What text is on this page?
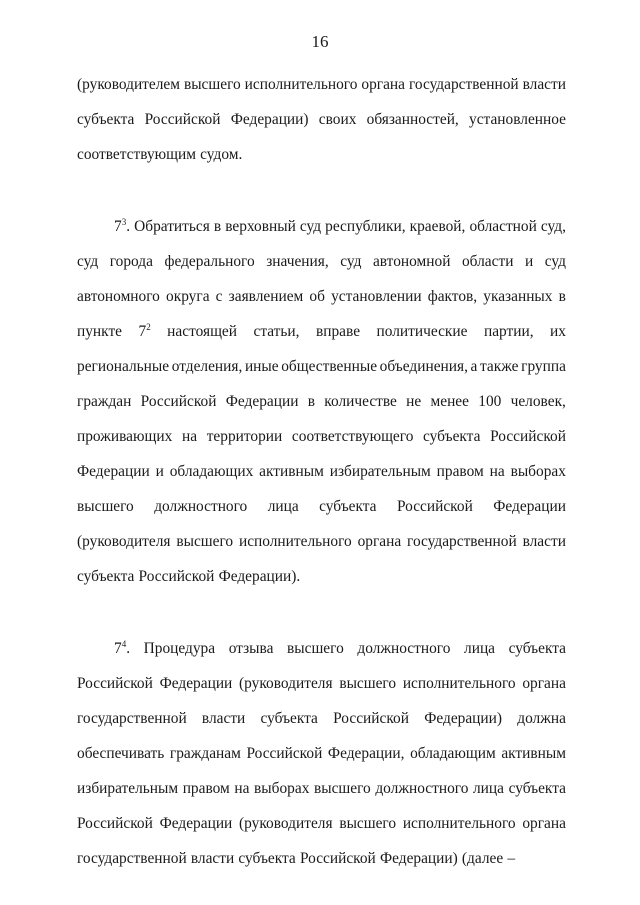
16
(руководителем высшего исполнительного органа государственной власти
субъекта Российской Федерации) своих обязанностей, установленное
соответствующим судом.
$7^3$. Обратиться в верховный суд республики, краевой, областной суд,
суд города федерального значения, суд автономной области и суд
автономного округа с заявлением об установлении фактов, указанных в
пункте $7^2$ настоящей статьи, вправе политические партии, их
региональные отделения, иные общественные объединения, а также группа
граждан Российской Федерации в количестве не менее 100 человек,
проживающих на территории соответствующего субъекта Российской
Федерации и обладающих активным избирательным правом на выборах
высшего должностного лица субъекта Российской Федерации
(руководителя высшего исполнительного органа государственной власти
субъекта Российской Федерации).
$7^4$. Процедура отзыва высшего должностного лица субъекта
Российской Федерации (руководителя высшего исполнительного органа
государственной власти субъекта Российской Федерации) должна
обеспечивать гражданам Российской Федерации, обладающим активным
избирательным правом на выборах высшего должностного лица субъекта
Российской Федерации (руководителя высшего исполнительного органа
государственной власти субъекта Российской Федерации) (далее –
